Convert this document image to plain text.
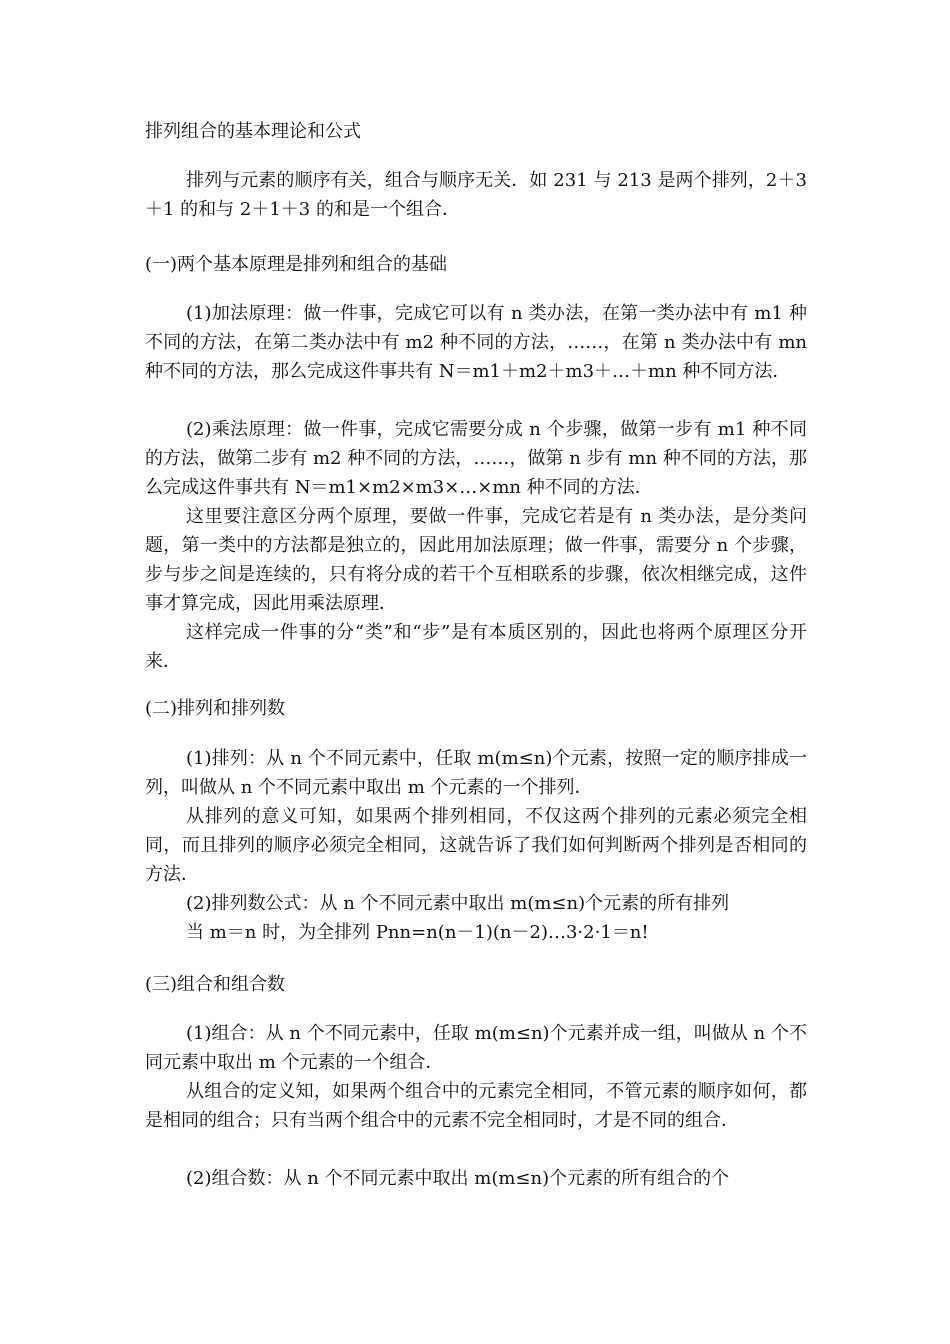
排列组合的基本理论和公式

排列与元素的顺序有关，组合与顺序无关．如 231 与 213 是两个排列，2＋3＋1 的和与 2＋1＋3 的和是一个组合．

(一)两个基本原理是排列和组合的基础

(1)加法原理：做一件事，完成它可以有 n 类办法，在第一类办法中有 m1 种不同的方法，在第二类办法中有 m2 种不同的方法，……，在第 n 类办法中有 mn 种不同的方法，那么完成这件事共有 N＝m1＋m2＋m3＋…＋mn 种不同方法．

(2)乘法原理：做一件事，完成它需要分成 n 个步骤，做第一步有 m1 种不同的方法，做第二步有 m2 种不同的方法，……，做第 n 步有 mn 种不同的方法，那么完成这件事共有 N＝m1×m2×m3×…×mn 种不同的方法．

这里要注意区分两个原理，要做一件事，完成它若是有 n 类办法，是分类问题，第一类中的方法都是独立的，因此用加法原理；做一件事，需要分 n 个步骤，步与步之间是连续的，只有将分成的若干个互相联系的步骤，依次相继完成，这件事才算完成，因此用乘法原理．

这样完成一件事的分“类”和“步”是有本质区别的，因此也将两个原理区分开来．

(二)排列和排列数

(1)排列：从 n 个不同元素中，任取 m(m≤n)个元素，按照一定的顺序排成一列，叫做从 n 个不同元素中取出 m 个元素的一个排列．

从排列的意义可知，如果两个排列相同，不仅这两个排列的元素必须完全相同，而且排列的顺序必须完全相同，这就告诉了我们如何判断两个排列是否相同的方法．

(2)排列数公式：从 n 个不同元素中取出 m(m≤n)个元素的所有排列

当 m＝n 时，为全排列 Pnn=n(n－1)(n－2)…3·2·1＝n!

(三)组合和组合数

(1)组合：从 n 个不同元素中，任取 m(m≤n)个元素并成一组，叫做从 n 个不同元素中取出 m 个元素的一个组合．

从组合的定义知，如果两个组合中的元素完全相同，不管元素的顺序如何，都是相同的组合；只有当两个组合中的元素不完全相同时，才是不同的组合．

(2)组合数：从 n 个不同元素中取出 m(m≤n)个元素的所有组合的个
